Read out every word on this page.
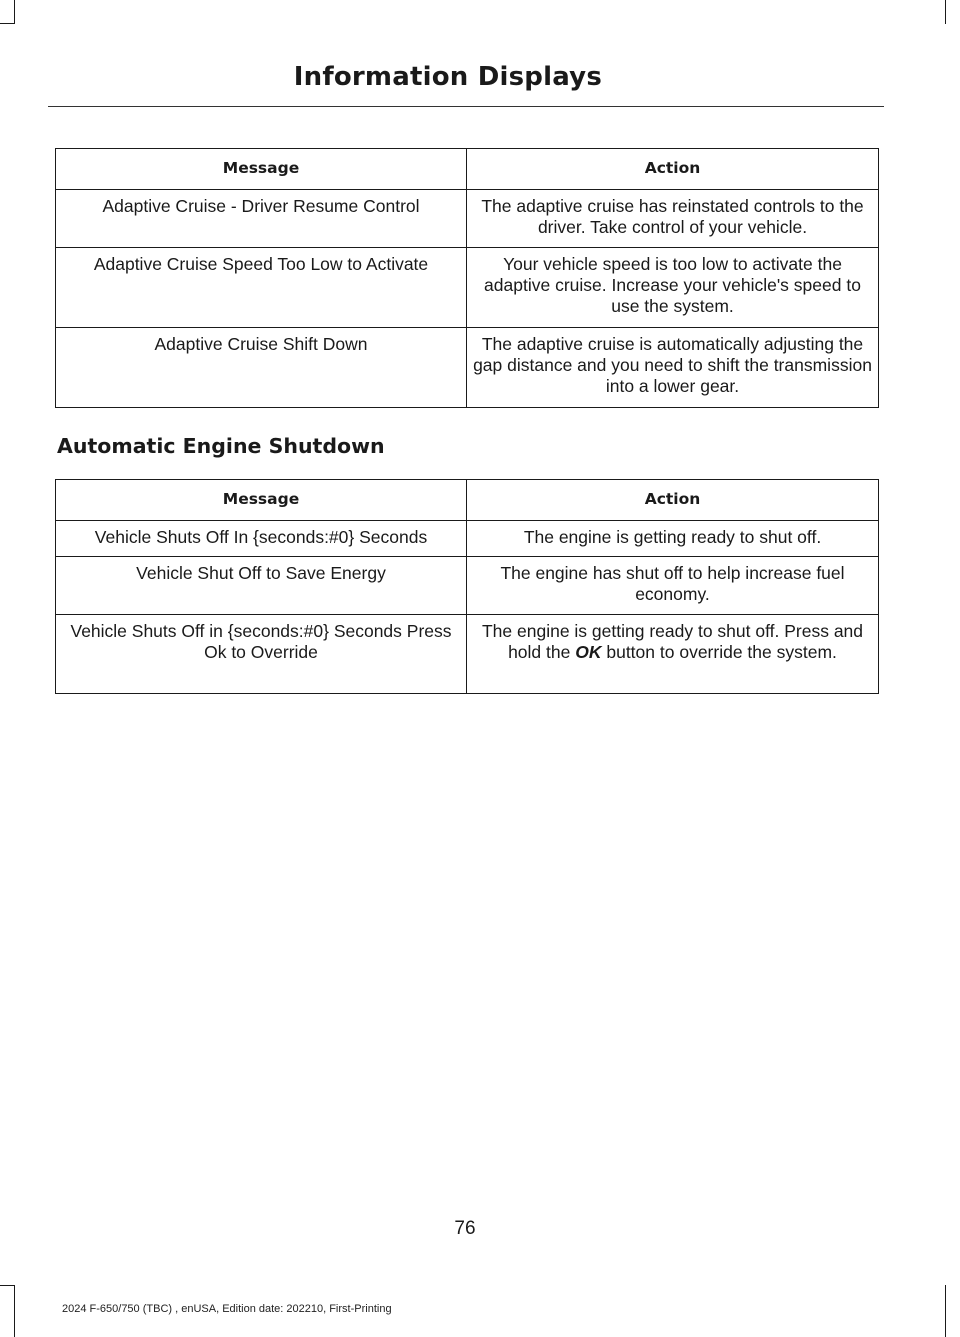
Information Displays
Message	Action
Adaptive Cruise - Driver Resume Control	The adaptive cruise has reinstated controls to the driver. Take control of your vehicle.
Adaptive Cruise Speed Too Low to Activate	Your vehicle speed is too low to activate the adaptive cruise. Increase your vehicle's speed to use the system.
Adaptive Cruise Shift Down	The adaptive cruise is automatically adjusting the gap distance and you need to shift the transmission into a lower gear.
Automatic Engine Shutdown
Message	Action
Vehicle Shuts Off In {seconds:#0} Seconds	The engine is getting ready to shut off.
Vehicle Shut Off to Save Energy	The engine has shut off to help increase fuel economy.
Vehicle Shuts Off in {seconds:#0} Seconds Press Ok to Override	The engine is getting ready to shut off. Press and hold the OK button to override the system.
76
2024 F-650/750 (TBC) , enUSA, Edition date: 202210, First-Printing
